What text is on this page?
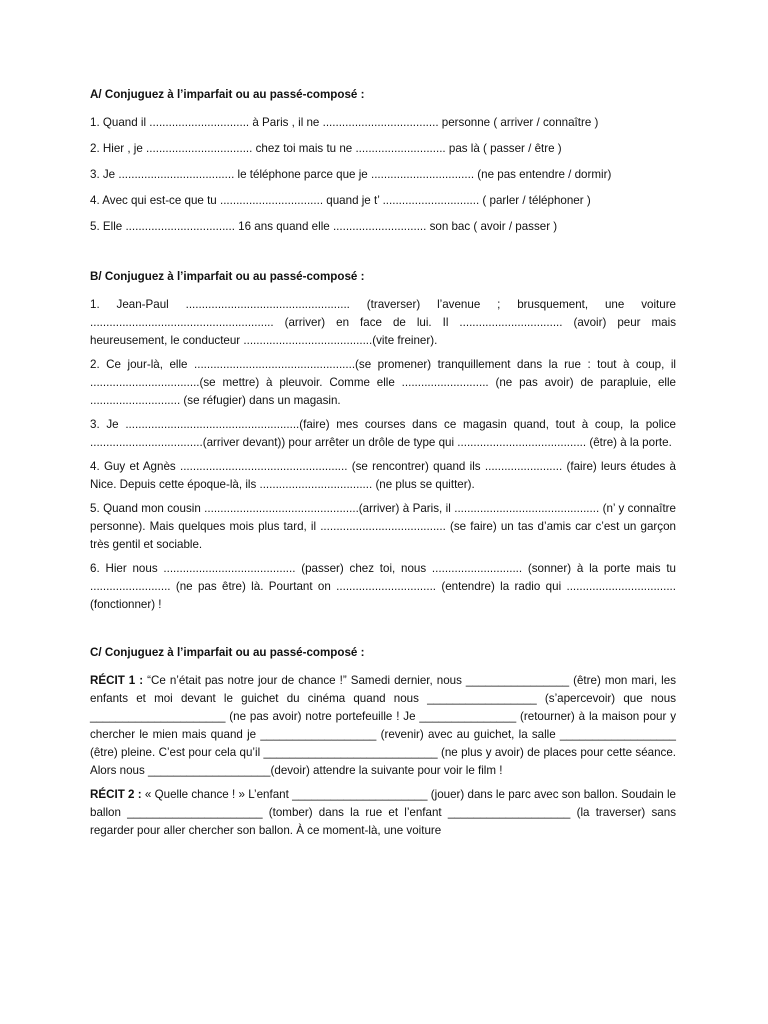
A/ Conjuguez à l’imparfait ou au passé-composé :

1. Quand il ............................... à Paris , il ne .................................... personne ( arriver / connaître )

2. Hier , je ................................. chez toi mais tu ne ............................ pas là ( passer / être )

3. Je .................................... le téléphone parce que je ................................ (ne pas entendre / dormir)

4. Avec qui est-ce que tu ................................ quand je t’ .............................. ( parler / téléphoner )

5. Elle .................................. 16 ans quand elle ............................. son bac ( avoir / passer )

B/ Conjuguez à l’imparfait ou au passé-composé :

1. Jean-Paul ................................................... (traverser) l’avenue ; brusquement, une voiture ......................................................... (arriver) en face de lui. Il ................................ (avoir) peur mais heureusement, le conducteur ........................................(vite freiner).

2. Ce jour-là, elle ..................................................(se promener) tranquillement dans la rue : tout à coup, il ..................................(se mettre) à pleuvoir. Comme elle ........................... (ne pas avoir) de parapluie, elle ............................ (se réfugier) dans un magasin.

3. Je ......................................................(faire) mes courses dans ce magasin quand, tout à coup, la police ...................................(arriver devant)) pour arrêter un drôle de type qui ........................................ (être) à la porte.

4. Guy et Agnès .................................................... (se rencontrer) quand ils ........................ (faire) leurs études à Nice. Depuis cette époque-là, ils ................................... (ne plus se quitter).

5. Quand mon cousin ................................................(arriver) à Paris, il ............................................. (n’ y connaître personne). Mais quelques mois plus tard, il ....................................... (se faire) un tas d’amis car c’est un garçon très gentil et sociable.

6. Hier nous ......................................... (passer) chez toi, nous ............................ (sonner) à la porte mais tu ......................... (ne pas être) là. Pourtant on ............................... (entendre) la radio qui .................................. (fonctionner) !

C/ Conjuguez à l’imparfait ou au passé-composé :

RÉCIT 1 : “Ce n’était pas notre jour de chance !” Samedi dernier, nous ________________ (être) mon mari, les enfants et moi devant le guichet du cinéma quand nous _________________ (s’apercevoir) que nous _____________________ (ne pas avoir) notre portefeuille ! Je _______________ (retourner) à la maison pour y chercher le mien mais quand je __________________ (revenir) avec au guichet, la salle __________________ (être) pleine. C’est pour cela qu’il ___________________________ (ne plus y avoir) de places pour cette séance. Alors nous ___________________(devoir) attendre la suivante pour voir le film !

RÉCIT 2 : « Quelle chance ! » L’enfant _____________________ (jouer) dans le parc avec son ballon. Soudain le ballon _____________________ (tomber) dans la rue et l’enfant ___________________ (la traverser) sans regarder pour aller chercher son ballon. À ce moment-là, une voiture
